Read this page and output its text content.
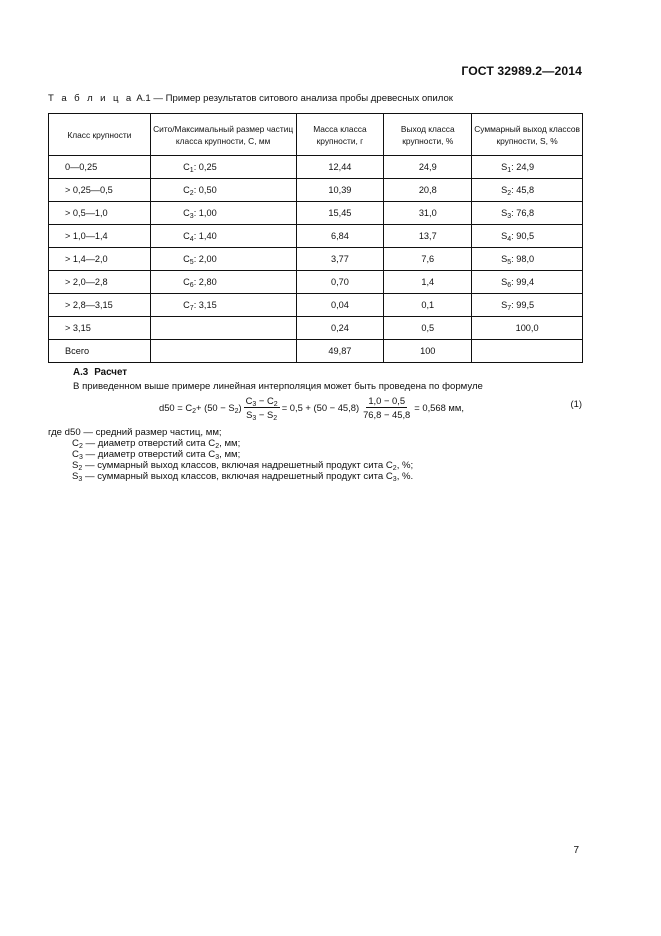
ГОСТ 32989.2—2014
Т а б л и ц а А.1 — Пример результатов ситового анализа пробы древесных опилок
Класс крупности	Сито/Максимальный размер частиц класса крупности, C, мм	Масса класса крупности, г	Выход класса крупности, %	Суммарный выход классов крупности, S, %
0—0,25	$C_1$: 0,25	12,44	24,9	$S_1$: 24,9
> 0,25—0,5	$C_2$: 0,50	10,39	20,8	$S_2$: 45,8
> 0,5—1,0	$C_3$: 1,00	15,45	31,0	$S_3$: 76,8
> 1,0—1,4	$C_4$: 1,40	6,84	13,7	$S_4$: 90,5
> 1,4—2,0	$C_5$: 2,00	3,77	7,6	$S_5$: 98,0
> 2,0—2,8	$C_6$: 2,80	0,70	1,4	$S_6$: 99,4
> 2,8—3,15	$C_7$: 3,15	0,04	0,1	$S_7$: 99,5
> 3,15		0,24	0,5	100,0
Всего		49,87	100	
А.3 Расчет
В приведенном выше примере линейная интерполяция может быть проведена по формуле
$d50 = C_2 + (50 - S_2) \frac{C_3 - C_2}{S_3 - S_2} = 0,5 + (50 - 45,8) \frac{1,0 - 0,5}{76,8 - 45,8} = 0,568$ мм,	(1)
где d50 — средний размер частиц, мм;
$C_2$ — диаметр отверстий сита $C_2$, мм;
$C_3$ — диаметр отверстий сита $C_3$, мм;
$S_2$ — суммарный выход классов, включая надрешетный продукт сита $C_2$, %;
$S_3$ — суммарный выход классов, включая надрешетный продукт сита $C_3$, %.
7
